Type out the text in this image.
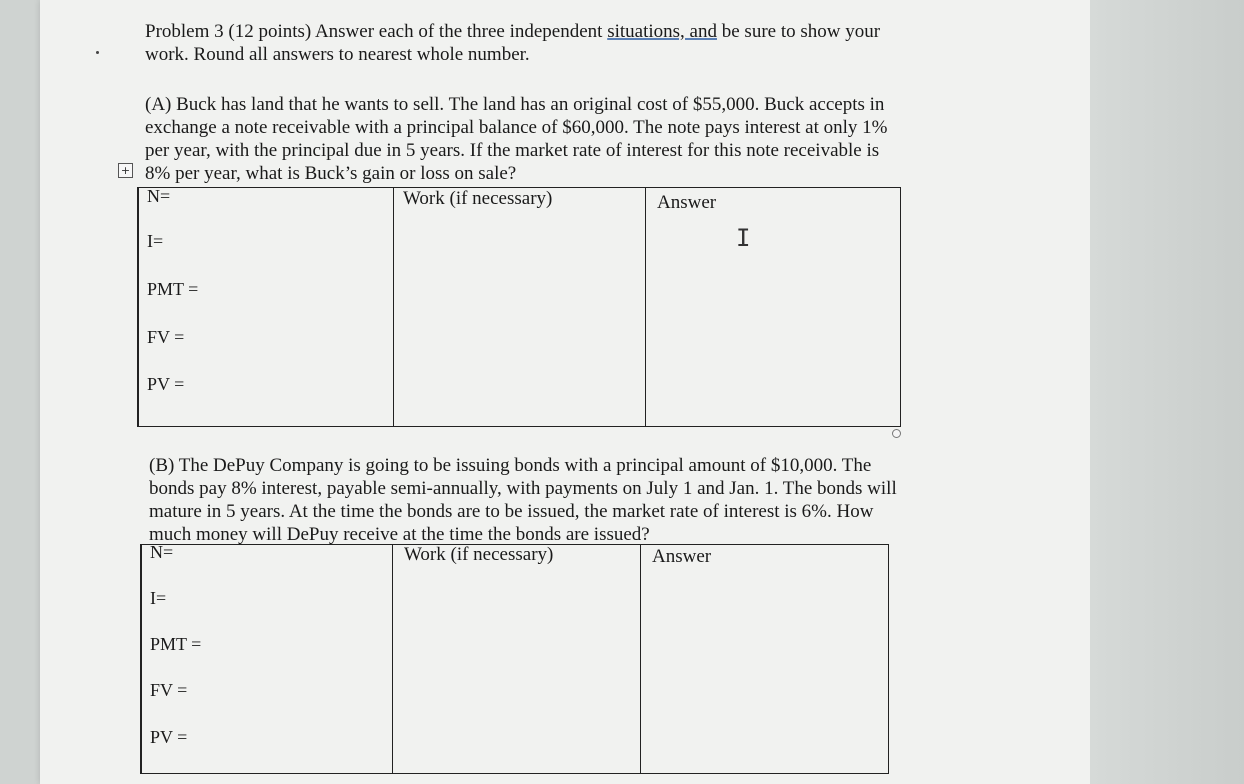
Problem 3 (12 points) Answer each of the three independent situations, and be sure to show your
work. Round all answers to nearest whole number.

(A) Buck has land that he wants to sell. The land has an original cost of $55,000. Buck accepts in
exchange a note receivable with a principal balance of $60,000. The note pays interest at only 1%
per year, with the principal due in 5 years. If the market rate of interest for this note receivable is
8% per year, what is Buck’s gain or loss on sale?

+
N=
I=
PMT =
FV =
PV =

Work (if necessary)	Answer
I

(B) The DePuy Company is going to be issuing bonds with a principal amount of $10,000. The
bonds pay 8% interest, payable semi-annually, with payments on July 1 and Jan. 1. The bonds will
mature in 5 years. At the time the bonds are to be issued, the market rate of interest is 6%. How
much money will DePuy receive at the time the bonds are issued?

N=
I=
PMT =
FV =
PV =

Work (if necessary)	Answer
